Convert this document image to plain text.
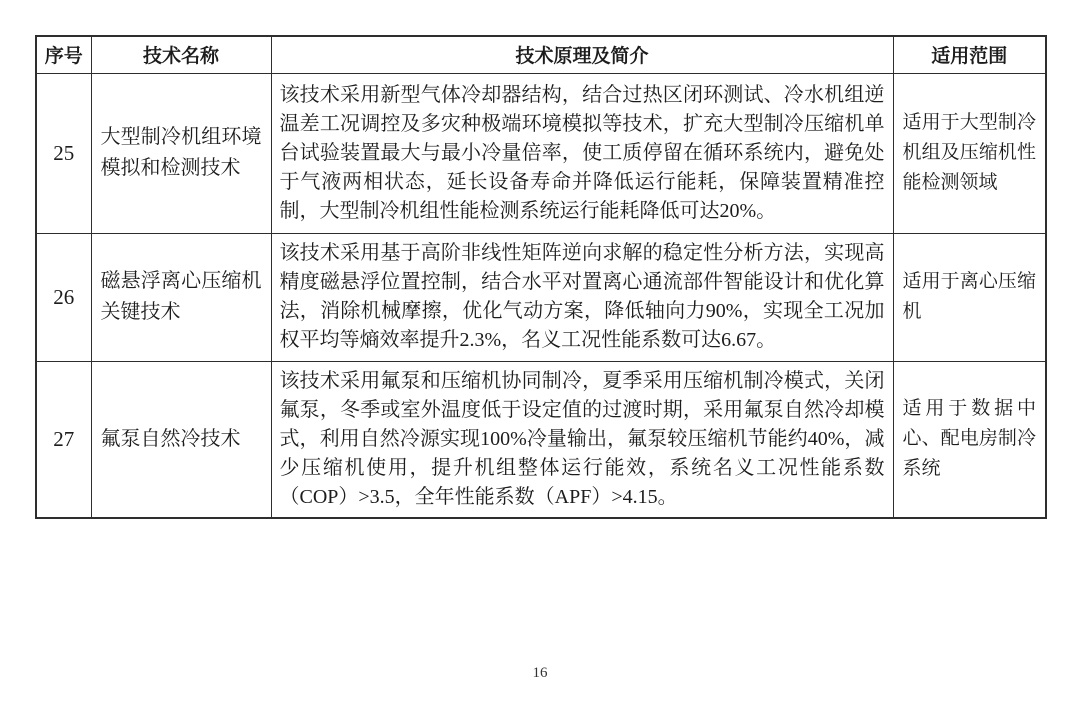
序号	技术名称	技术原理及简介	适用范围
25	大型制冷机组环境模拟和检测技术	该技术采用新型气体冷却器结构，结合过热区闭环测试、冷水机组逆温差工况调控及多灾种极端环境模拟等技术，扩充大型制冷压缩机单台试验装置最大与最小冷量倍率，使工质停留在循环系统内，避免处于气液两相状态，延长设备寿命并降低运行能耗，保障装置精准控制，大型制冷机组性能检测系统运行能耗降低可达20%。	适用于大型制冷机组及压缩机性能检测领域
26	磁悬浮离心压缩机关键技术	该技术采用基于高阶非线性矩阵逆向求解的稳定性分析方法，实现高精度磁悬浮位置控制，结合水平对置离心通流部件智能设计和优化算法，消除机械摩擦，优化气动方案，降低轴向力90%，实现全工况加权平均等熵效率提升2.3%，名义工况性能系数可达6.67。	适用于离心压缩机
27	氟泵自然冷技术	该技术采用氟泵和压缩机协同制冷，夏季采用压缩机制冷模式，关闭氟泵，冬季或室外温度低于设定值的过渡时期，采用氟泵自然冷却模式，利用自然冷源实现100%冷量输出，氟泵较压缩机节能约40%，减少压缩机使用，提升机组整体运行能效，系统名义工况性能系数（COP）>3.5，全年性能系数（APF）>4.15。	适用于数据中心、配电房制冷系统
16
